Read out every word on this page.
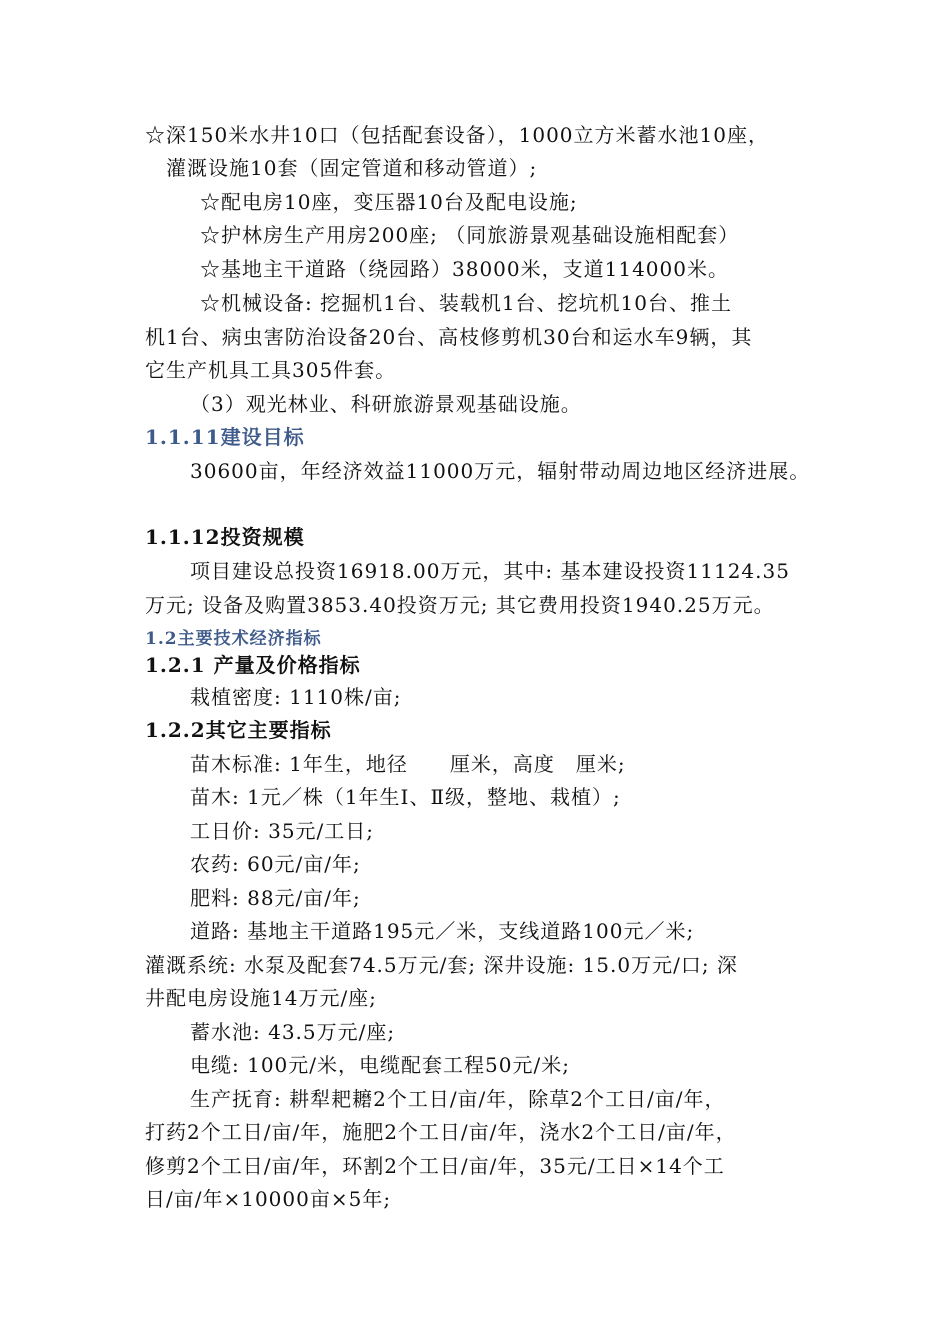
☆深150米水井10口（包括配套设备），1000立方米蓄水池10座，
灌溉设施10套（固定管道和移动管道）;
☆配电房10座，变压器10台及配电设施;
☆护林房生产用房200座; （同旅游景观基础设施相配套）
☆基地主干道路（绕园路）38000米，支道114000米。
☆机械设备: 挖掘机1台、装载机1台、挖坑机10台、推土
机1台、病虫害防治设备20台、高枝修剪机30台和运水车9辆，其
它生产机具工具305件套。
（3）观光林业、科研旅游景观基础设施。
1.1.11建设目标
30600亩，年经济效益11000万元，辐射带动周边地区经济进展。
1.1.12投资规模
项目建设总投资16918.00万元，其中: 基本建设投资11124.35
万元; 设备及购置3853.40投资万元; 其它费用投资1940.25万元。
1.2主要技术经济指标
1.2.1 产量及价格指标
栽植密度: 1110株/亩;
1.2.2其它主要指标
苗木标准: 1年生，地径　　厘米，高度　厘米;
苗木: 1元／株（1年生Ⅰ、Ⅱ级，整地、栽植）;
工日价: 35元/工日;
农药: 60元/亩/年;
肥料: 88元/亩/年;
道路: 基地主干道路195元／米，支线道路100元／米;
灌溉系统: 水泵及配套74.5万元/套; 深井设施: 15.0万元/口; 深
井配电房设施14万元/座;
蓄水池: 43.5万元/座;
电缆: 100元/米，电缆配套工程50元/米;
生产抚育: 耕犁耙耱2个工日/亩/年，除草2个工日/亩/年，
打药2个工日/亩/年，施肥2个工日/亩/年，浇水2个工日/亩/年，
修剪2个工日/亩/年，环割2个工日/亩/年，35元/工日×14个工
日/亩/年×10000亩×5年;
